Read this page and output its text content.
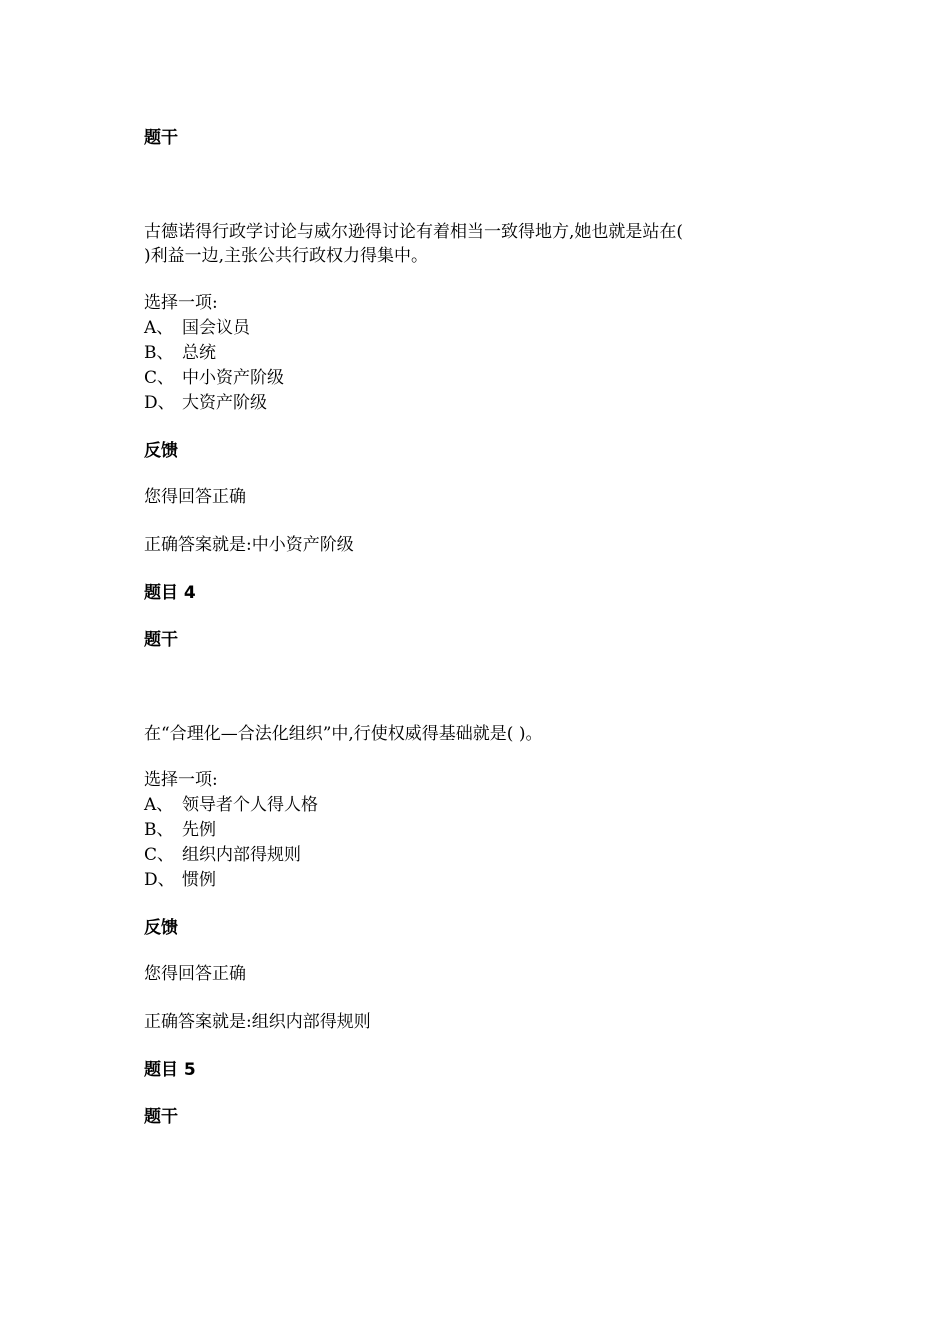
题干
古德诺得行政学讨论与威尔逊得讨论有着相当一致得地方,她也就是站在(
)利益一边,主张公共行政权力得集中。
选择一项:
A、 国会议员
B、 总统
C、 中小资产阶级
D、 大资产阶级
反馈
您得回答正确
正确答案就是:中小资产阶级
题目 4
题干
在“合理化—合法化组织”中,行使权威得基础就是( )。
选择一项:
A、 领导者个人得人格
B、 先例
C、 组织内部得规则
D、 惯例
反馈
您得回答正确
正确答案就是:组织内部得规则
题目 5
题干
